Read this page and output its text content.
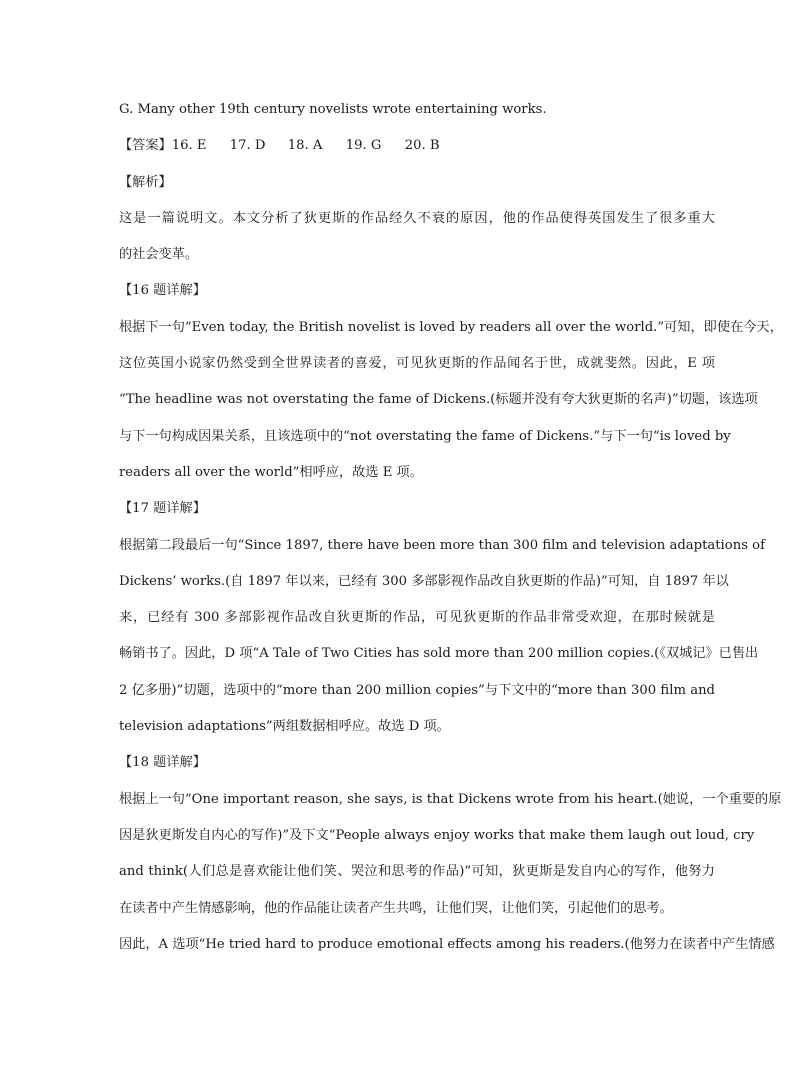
G. Many other 19th century novelists wrote entertaining works.
【答案】16. E 17. D 18. A 19. G 20. B
【解析】
这是一篇说明文。本文分析了狄更斯的作品经久不衰的原因，他的作品使得英国发生了很多重大
的社会变革。
【16 题详解】
根据下一句“Even today, the British novelist is loved by readers all over the world.”可知，即使在今天，
这位英国小说家仍然受到全世界读者的喜爱，可见狄更斯的作品闻名于世，成就斐然。因此，E 项
“The headline was not overstating the fame of Dickens.(标题并没有夸大狄更斯的名声)”切题，该选项
与下一句构成因果关系，且该选项中的“not overstating the fame of Dickens.”与下一句“is loved by
readers all over the world”相呼应，故选 E 项。
【17 题详解】
根据第二段最后一句“Since 1897, there have been more than 300 film and television adaptations of
Dickens’ works.(自 1897 年以来，已经有 300 多部影视作品改自狄更斯的作品)”可知，自 1897 年以
来，已经有 300 多部影视作品改自狄更斯的作品，可见狄更斯的作品非常受欢迎，在那时候就是
畅销书了。因此，D 项“A Tale of Two Cities has sold more than 200 million copies.(《双城记》已售出
2 亿多册)”切题，选项中的“more than 200 million copies”与下文中的“more than 300 film and
television adaptations”两组数据相呼应。故选 D 项。
【18 题详解】
根据上一句“One important reason, she says, is that Dickens wrote from his heart.(她说，一个重要的原
因是狄更斯发自内心的写作)”及下文“People always enjoy works that make them laugh out loud, cry
and think(人们总是喜欢能让他们笑、哭泣和思考的作品)”可知，狄更斯是发自内心的写作，他努力
在读者中产生情感影响，他的作品能让读者产生共鸣，让他们哭，让他们笑，引起他们的思考。
因此，A 选项“He tried hard to produce emotional effects among his readers.(他努力在读者中产生情感
